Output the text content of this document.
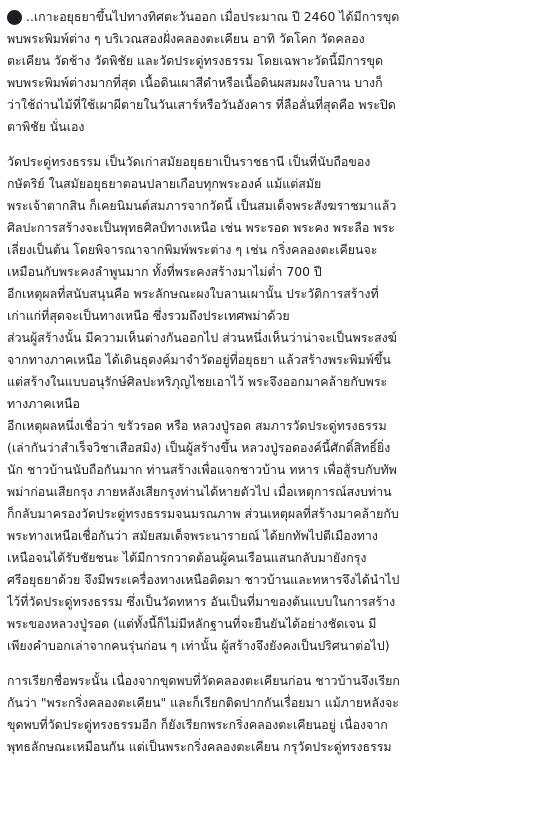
..เกาะอยุธยาขึ้นไปทางทิศตะวันออก เมื่อประมาณ ปี 2460 ได้มีการขุด
พบพระพิมพ์ต่าง ๆ บริเวณสองฝั่งคลองตะเคียน อาทิ วัดโคก วัดคลอง
ตะเคียน วัดช้าง วัดพิชัย และวัดประดู่ทรงธรรม โดยเฉพาะวัดนี้มีการขุด
พบพระพิมพ์ต่างมากที่สุด เนื้อดินเผาสีดำหรือเนื้อดินผสมผงใบลาน บางก็
ว่าใช้ถ่านไม้ที่ใช้เผาผีตายในวันเสาร์หรือวันอังคาร ที่ลือลั่นที่สุดคือ พระปิด
ตาพิชัย นั่นเอง
วัดประดู่ทรงธรรม เป็นวัดเก่าสมัยอยุธยาเป็นราชธานี เป็นที่นับถือของ
กษัตริย์ ในสมัยอยุธยาตอนปลายเกือบทุกพระองค์ แม้แต่สมัย
พระเจ้าตากสิน ก็เคยนิมนต์สมภารจากวัดนี้ เป็นสมเด็จพระสังฆราชมาแล้ว
ศิลปะการสร้างจะเป็นพุทธศิลป์ทางเหนือ เช่น พระรอด พระคง พระลือ พระ
เลี่ยงเป็นต้น โดยพิจารณาจากพิมพ์พระต่าง ๆ เช่น กริ่งคลองตะเคียนจะ
เหมือนกับพระคงลำพูนมาก ทั้งที่พระคงสร้างมาไม่ต่ำ 700 ปี
อีกเหตุผลที่สนับสนุนคือ พระลักษณะผงใบลานเผานั้น ประวัติการสร้างที่
เก่าแก่ที่สุดจะเป็นทางเหนือ ซึ่งรวมถึงประเทศพม่าด้วย
ส่วนผู้สร้างนั้น มีความเห็นต่างกันออกไป ส่วนหนึ่งเห็นว่าน่าจะเป็นพระสงฆ์
จากทางภาคเหนือ ได้เดินธุดงค์มาจำวัดอยู่ที่อยุธยา แล้วสร้างพระพิมพ์ขึ้น
แต่สร้างในแบบอนุรักษ์ศิลปะหริภุญไชยเอาไว้ พระจึงออกมาคล้ายกับพระ
ทางภาคเหนือ
อีกเหตุผลหนึ่งเชื่อว่า ขรัวรอด หรือ หลวงปู่รอด สมภารวัดประดู่ทรงธรรม
(เล่ากันว่าสำเร็จวิชาเสือสมิง) เป็นผู้สร้างขึ้น หลวงปู่รอดองค์นี้ศักดิ์สิทธิ์ยิ่ง
นัก ชาวบ้านนับถือกันมาก ท่านสร้างเพื่อแจกชาวบ้าน ทหาร เพื่อสู้รบกับทัพ
พม่าก่อนเสียกรุง ภายหลังเสียกรุงท่านได้หายตัวไป เมื่อเหตุการณ์สงบท่าน
ก็กลับมาครองวัดประดู่ทรงธรรมจนมรณภาพ ส่วนเหตุผลที่สร้างมาคล้ายกับ
พระทางเหนือเชื่อกันว่า สมัยสมเด็จพระนารายณ์ ได้ยกทัพไปตีเมืองทาง
เหนือจนได้รับชัยชนะ ได้มีการกวาดต้อนผู้คนเรือนแสนกลับมายังกรุง
ศรีอยุธยาด้วย จึงมีพระเครื่องทางเหนือติดมา ชาวบ้านและทหารจึงได้นำไป
ไว้ที่วัดประดู่ทรงธรรม ซึ่งเป็นวัดทหาร อันเป็นที่มาของต้นแบบในการสร้าง
พระของหลวงปู่รอด (แต่ทั้งนี้ก็ไม่มีหลักฐานที่จะยืนยันได้อย่างชัดเจน มี
เพียงคำบอกเล่าจากคนรุ่นก่อน ๆ เท่านั้น ผู้สร้างจึงยังคงเป็นปริศนาต่อไป)
การเรียกชื่อพระนั้น เนื่องจากขุดพบที่วัดคลองตะเคียนก่อน ชาวบ้านจึงเรียก
กันว่า "พระกริ่งคลองตะเคียน" และก็เรียกติดปากกันเรื่อยมา แม้ภายหลังจะ
ขุดพบที่วัดประดู่ทรงธรรมอีก ก็ยังเรียกพระกริ่งคลองตะเคียนอยู่ เนื่องจาก
พุทธลักษณะเหมือนกัน แต่เป็นพระกริ่งคลองตะเคียน กรุวัดประดู่ทรงธรรม
